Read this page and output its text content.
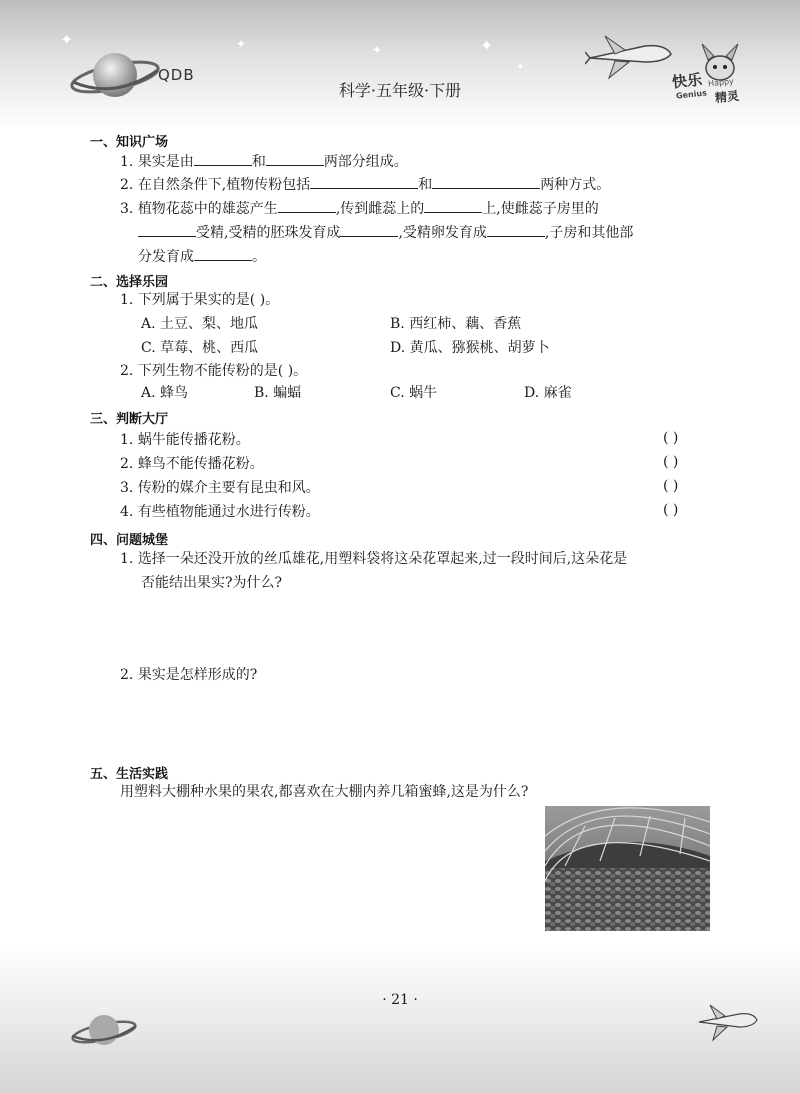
✦	✦	✦	✦
✦
QDB
科学·五年级·下册	快乐 Happy
Genius 精灵
一、知识广场
1. 果实是由	和	两部分组成。
2. 在自然条件下,植物传粉包括	和	两种方式。
3. 植物花蕊中的雄蕊产生	,传到雌蕊上的	上,使雌蕊子房里的
受精,受精的胚珠发育成	,受精卵发育成	,子房和其他部
分发育成	。
二、选择乐园
1. 下列属于果实的是( )。
A. 土豆、梨、地瓜	B. 西红柿、藕、香蕉
C. 草莓、桃、西瓜	D. 黄瓜、猕猴桃、胡萝卜
2. 下列生物不能传粉的是( )。
A. 蜂鸟	B. 蝙蝠	C. 蜗牛	D. 麻雀
三、判断大厅
1. 蜗牛能传播花粉。	( )
2. 蜂鸟不能传播花粉。	( )
3. 传粉的媒介主要有昆虫和风。	( )
4. 有些植物能通过水进行传粉。	( )
四、问题城堡
1. 选择一朵还没开放的丝瓜雄花,用塑料袋将这朵花罩起来,过一段时间后,这朵花是
否能结出果实?为什么?
2. 果实是怎样形成的?
五、生活实践
用塑料大棚种水果的果农,都喜欢在大棚内养几箱蜜蜂,这是为什么?
· 21 ·
